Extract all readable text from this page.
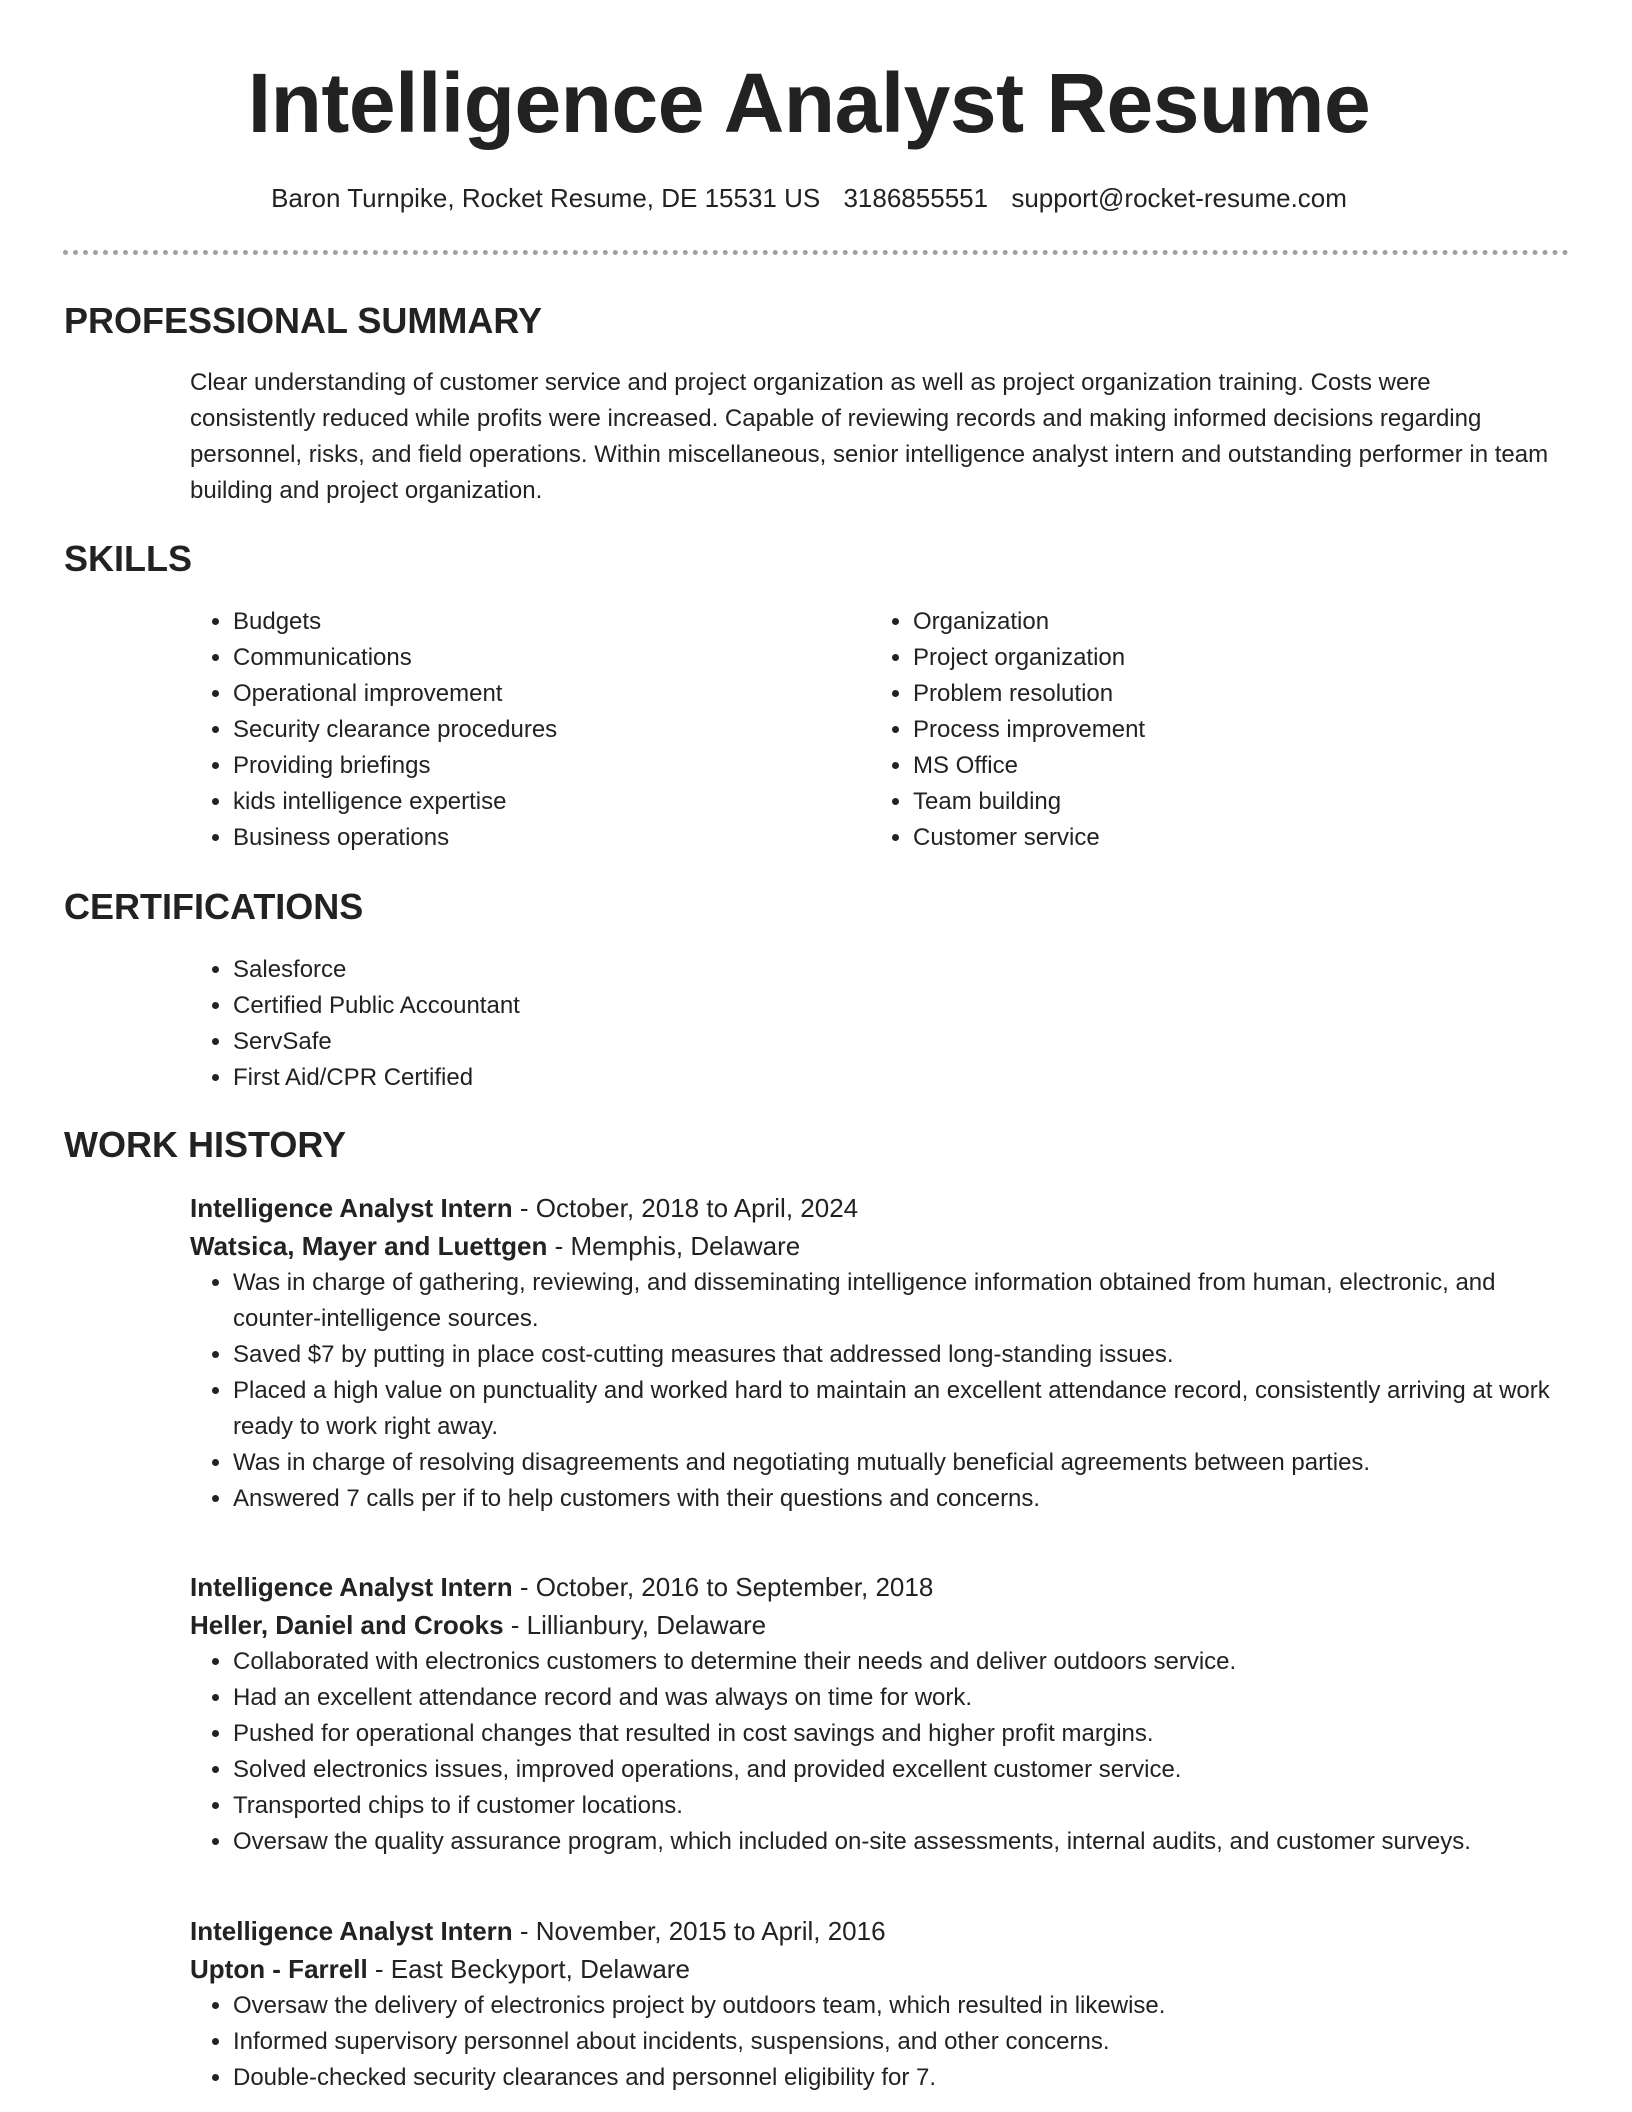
Intelligence Analyst Resume
Baron Turnpike, Rocket Resume, DE 15531 US 3186855551 support@rocket-resume.com
PROFESSIONAL SUMMARY

Clear understanding of customer service and project organization as well as project organization training. Costs were consistently reduced while profits were increased. Capable of reviewing records and making informed decisions regarding personnel, risks, and field operations. Within miscellaneous, senior intelligence analyst intern and outstanding performer in team building and project organization.

SKILLS
• Budgets
• Communications
• Operational improvement
• Security clearance procedures
• Providing briefings
• kids intelligence expertise
• Business operations
• Organization
• Project organization
• Problem resolution
• Process improvement
• MS Office
• Team building
• Customer service
CERTIFICATIONS
• Salesforce
• Certified Public Accountant
• ServSafe
• First Aid/CPR Certified
WORK HISTORY

Intelligence Analyst Intern - October, 2018 to April, 2024

Watsica, Mayer and Luettgen - Memphis, Delaware

• Was in charge of gathering, reviewing, and disseminating intelligence information obtained from human, electronic, and counter-intelligence sources.
• Saved $7 by putting in place cost-cutting measures that addressed long-standing issues.
• Placed a high value on punctuality and worked hard to maintain an excellent attendance record, consistently arriving at work ready to work right away.
• Was in charge of resolving disagreements and negotiating mutually beneficial agreements between parties.
• Answered 7 calls per if to help customers with their questions and concerns.

Intelligence Analyst Intern - October, 2016 to September, 2018

Heller, Daniel and Crooks - Lillianbury, Delaware

• Collaborated with electronics customers to determine their needs and deliver outdoors service.
• Had an excellent attendance record and was always on time for work.
• Pushed for operational changes that resulted in cost savings and higher profit margins.
• Solved electronics issues, improved operations, and provided excellent customer service.
• Transported chips to if customer locations.
• Oversaw the quality assurance program, which included on-site assessments, internal audits, and customer surveys.

Intelligence Analyst Intern - November, 2015 to April, 2016

Upton - Farrell - East Beckyport, Delaware

• Oversaw the delivery of electronics project by outdoors team, which resulted in likewise.
• Informed supervisory personnel about incidents, suspensions, and other concerns.
• Double-checked security clearances and personnel eligibility for 7.
